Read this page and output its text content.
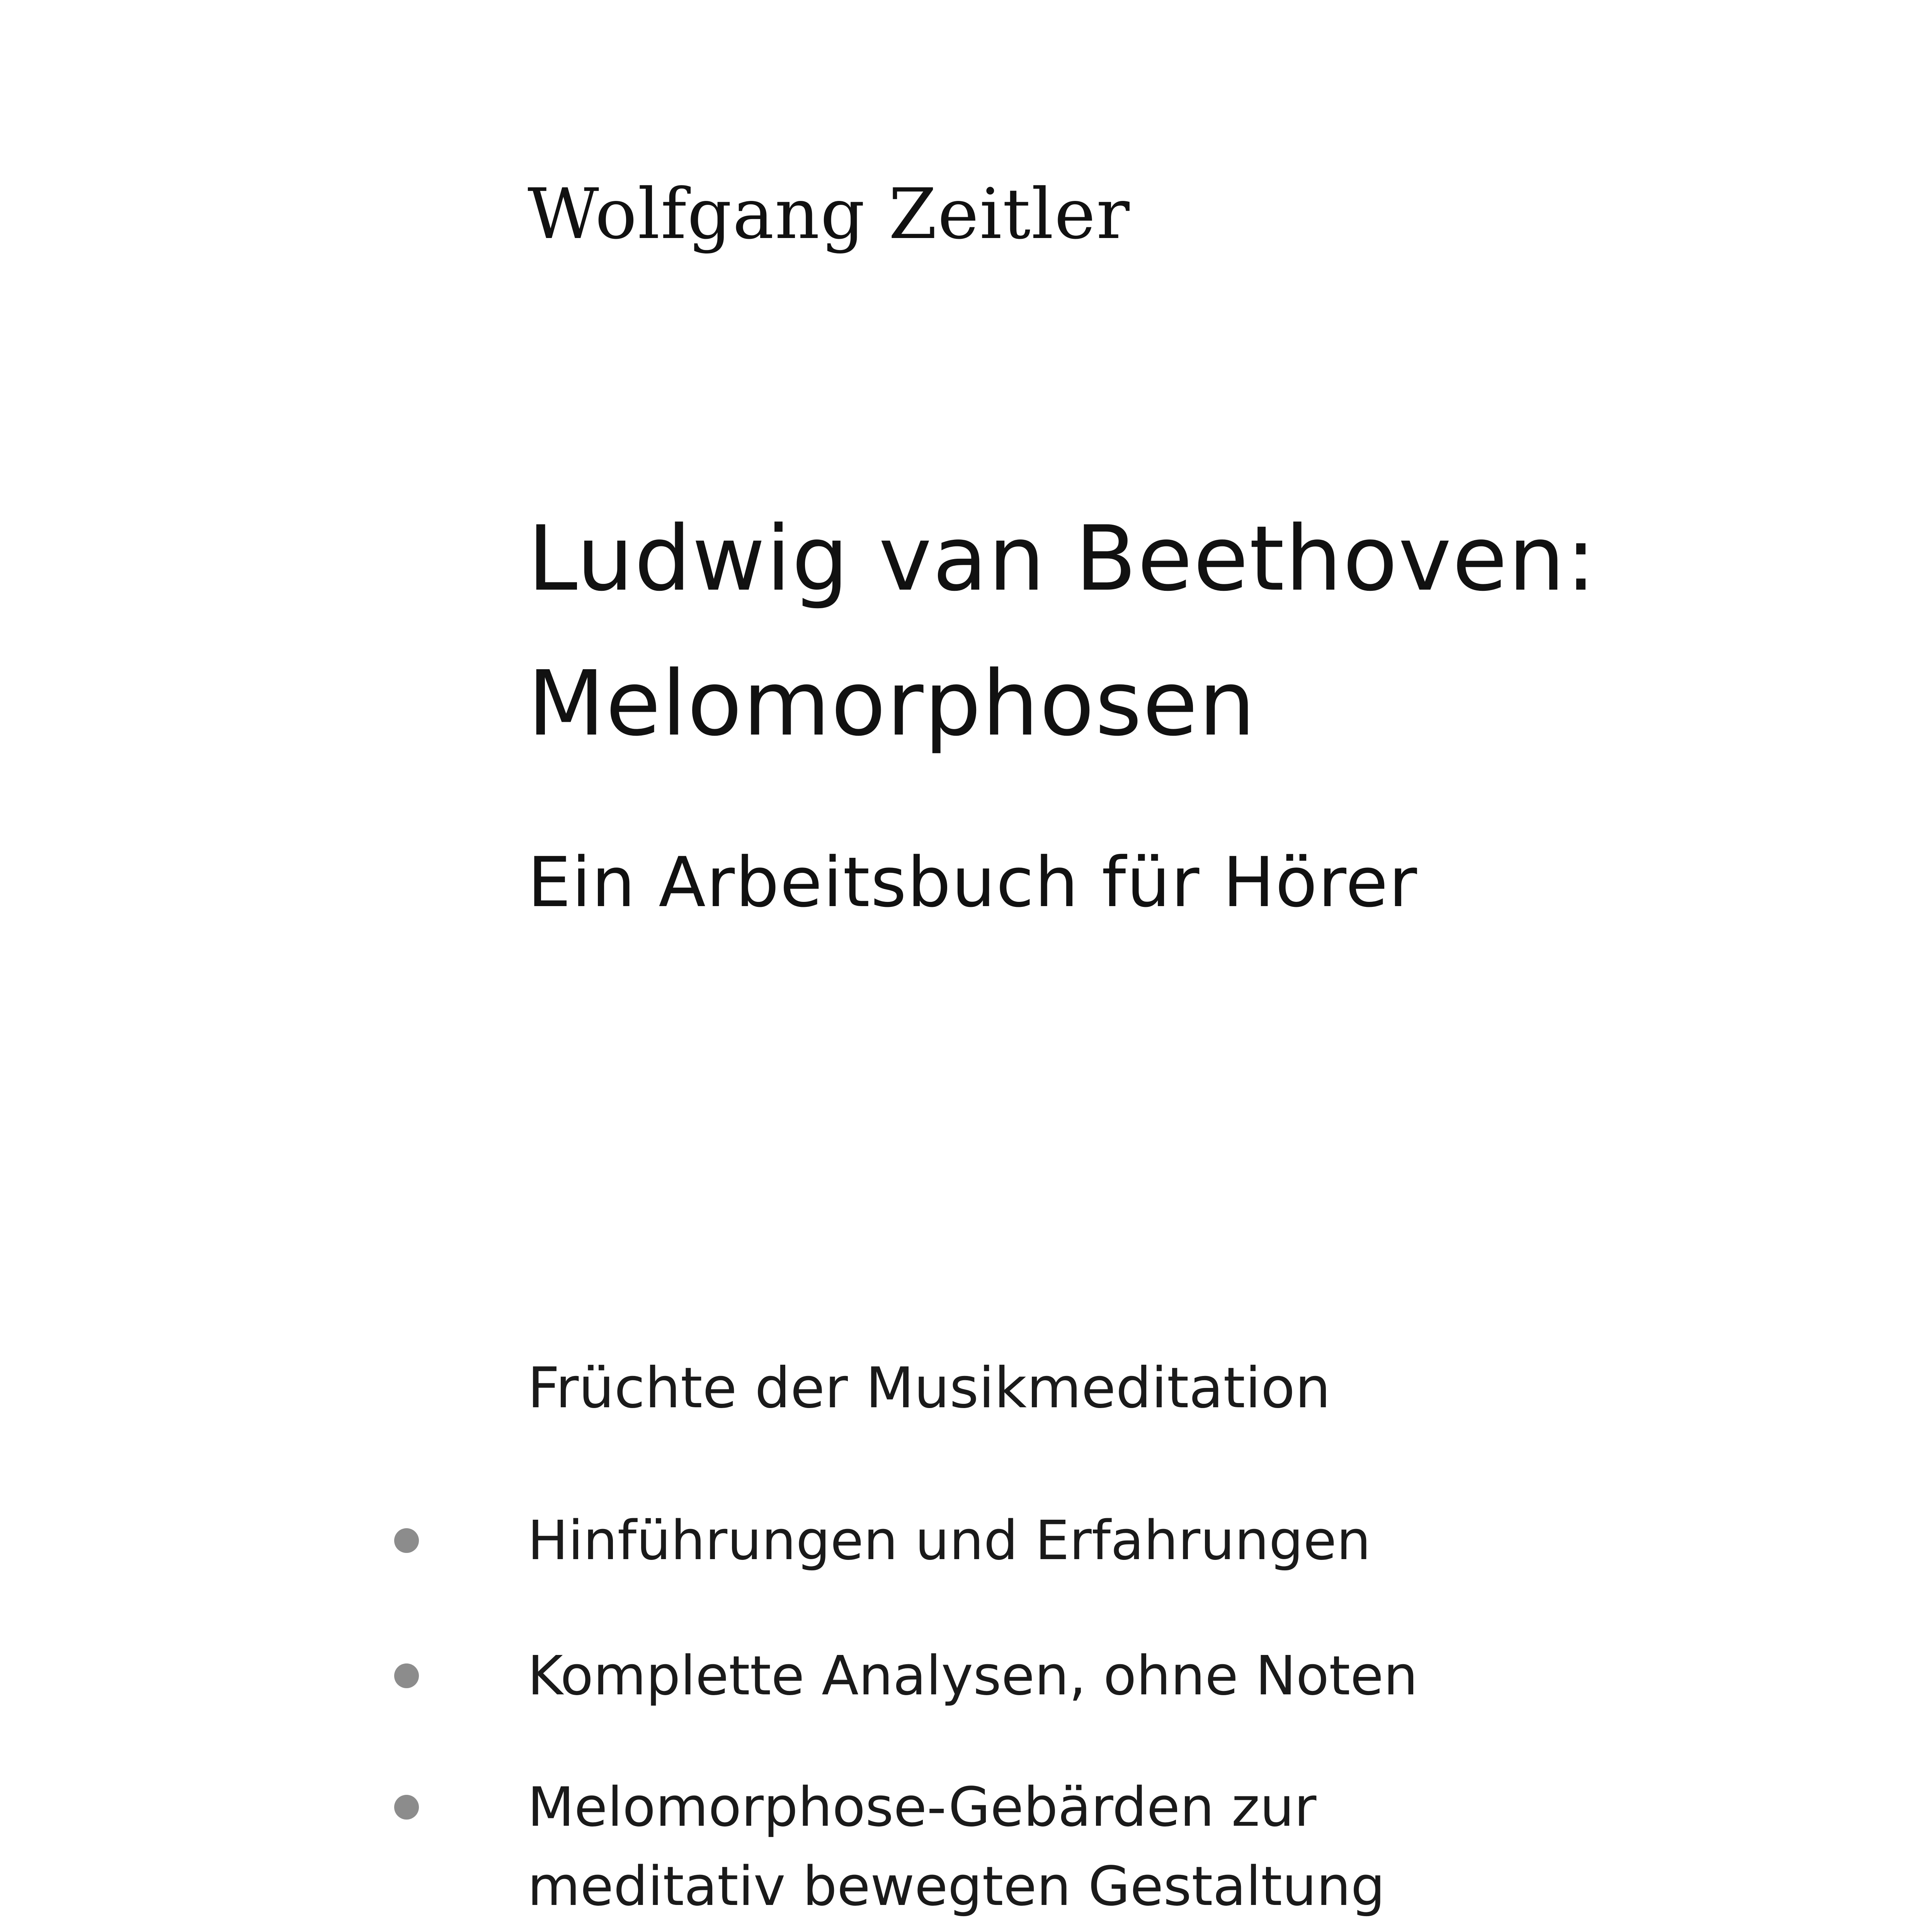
Wolfgang Zeitler
Ludwig van Beethoven:
Melomorphosen
Ein Arbeitsbuch für Hörer
Früchte der Musikmeditation
Hinführungen und Erfahrungen
Komplette Analysen, ohne Noten
Melomorphose-Gebärden zur
meditativ bewegten Gestaltung
